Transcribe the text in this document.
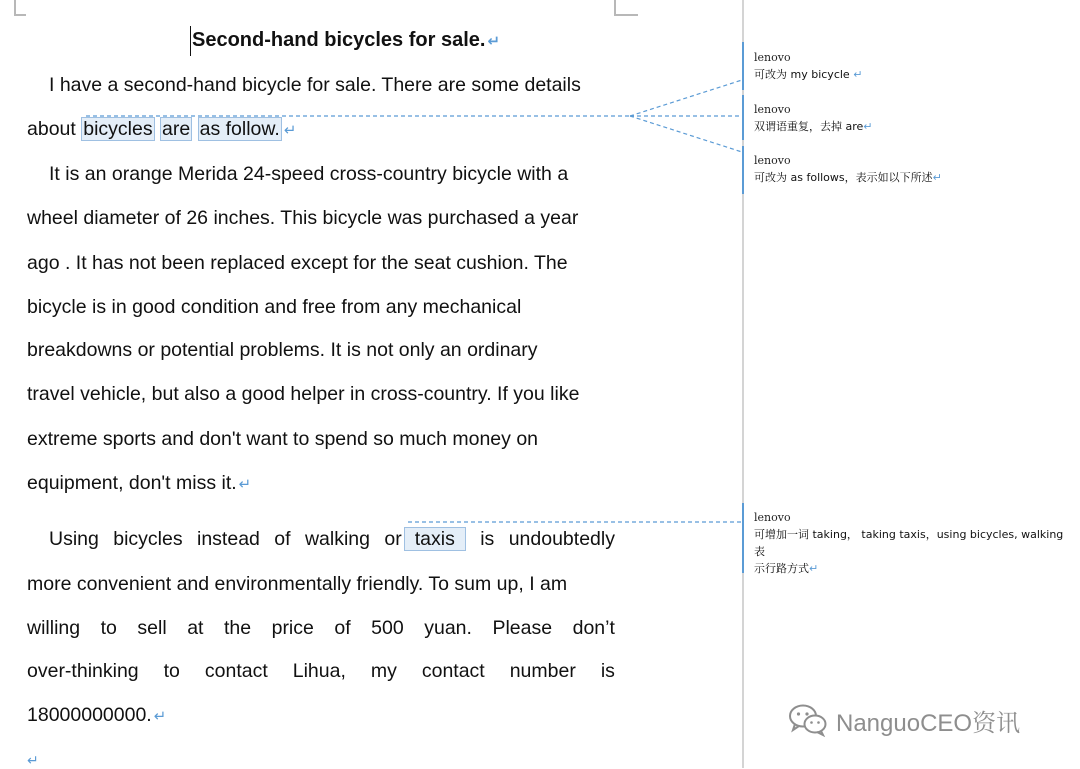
Second-hand bicycles for sale. ↵
I have a second-hand bicycle for sale. There are some details
about bicycles are as follow. ↵
It is an orange Merida 24-speed cross-country bicycle with a
wheel diameter of 26 inches. This bicycle was purchased a year
ago . It has not been replaced except for the seat cushion. The
bicycle is in good condition and free from any mechanical
breakdowns or potential problems. It is not only an ordinary
travel vehicle, but also a good helper in cross-country. If you like
extreme sports and don't want to spend so much money on
equipment, don't miss it. ↵
Using bicycles instead of walking or taxis	is undoubtedly
more convenient and environmentally friendly. To sum up, I am
willing to sell at the price of 500 yuan. Please don’t
over-thinking to contact Lihua, my contact number is
18000000000. ↵
↵
lenovo
可改为 my bicycle ↵
lenovo
双谓语重复，去掉 are↵
lenovo
可改为 as follows，表示如以下所述↵
lenovo
可增加一词 taking， taking taxis，using bicycles, walking 表
示行路方式↵
NanguoCEO资讯
